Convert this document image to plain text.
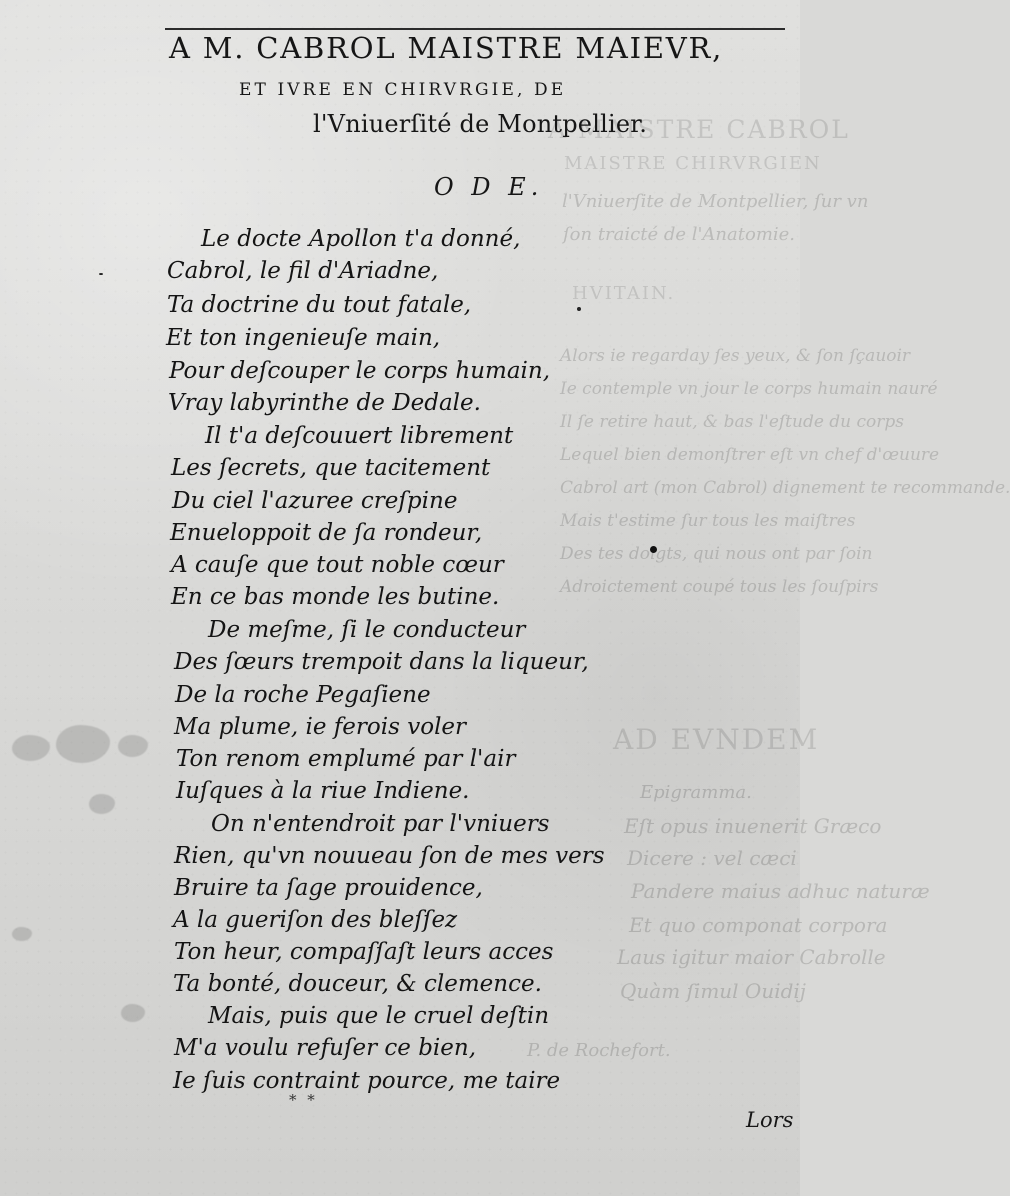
A MAISTRE CABROL
MAISTRE CHIRVRGIEN
l'Vniuerſite de Montpellier, ſur vn
ſon traicté de l'Anatomie.
HVITAIN.
Alors ie regarday ſes yeux, & ſon ſçauoir
Ie contemple vn jour le corps humain nauré
Il ſe retire haut, & bas l'eſtude du corps
Lequel bien demonſtrer eſt vn chef d'œuure
Cabrol art (mon Cabrol) dignement te recommande.
Mais t'estime ſur tous les maiſtres
Des tes doigts, qui nous ont par ſoin
Adroictement coupé tous les ſouſpirs
AD EVNDEM
Epigramma.
Eſt opus inuenerit Græco
Dicere : vel cæci
Pandere maius adhuc naturæ
Et quo componat corpora
Laus igitur maior Cabrolle
Quàm ſimul Ouidij
P. de Rochefort.
A M. CABROL MAISTRE MAIEVR,
ET IVRE EN CHIRVRGIE, DE
l'Vniuerſité de Montpellier.
O D E.
Le docte Apollon t'a donné,
Cabrol, le fil d'Ariadne,
Ta doctrine du tout fatale,
Et ton ingenieuſe main,
Pour deſcouper le corps humain,
Vray labyrinthe de Dedale.
Il t'a deſcouuert librement
Les ſecrets, que tacitement
Du ciel l'azuree creſpine
Enueloppoit de ſa rondeur,
A cauſe que tout noble cœur
En ce bas monde les butine.
De meſme, ſi le conducteur
Des ſœurs trempoit dans la liqueur,
De la roche Pegaſiene
Ma plume, ie ferois voler
Ton renom emplumé par l'air
Iuſques à la riue Indiene.
On n'entendroit par l'vniuers
Rien, qu'vn nouueau ſon de mes vers
Bruire ta ſage prouidence,
A la gueriſon des bleſſez
Ton heur, compaſſaſt leurs acces
Ta bonté, douceur, & clemence.
Mais, puis que le cruel deſtin
M'a voulu refuſer ce bien,
Ie ſuis contraint pource, me taire
* *
Lors
